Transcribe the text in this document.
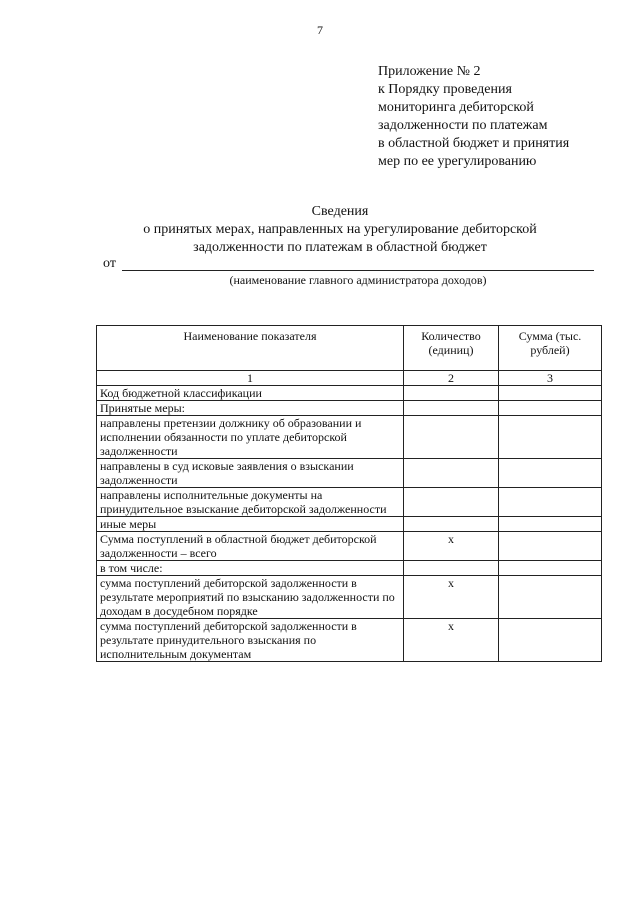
7
Приложение № 2
к Порядку проведения
мониторинга дебиторской
задолженности по платежам
в областной бюджет и принятия
мер по ее урегулированию
Сведения
о принятых мерах, направленных на урегулирование дебиторской
задолженности по платежам в областной бюджет
от
(наименование главного администратора доходов)
Наименование показателя	Количество (единиц)	Сумма (тыс. рублей)
1	2	3
Код бюджетной классификации		
Принятые меры:		
направлены претензии должнику об образовании и исполнении обязанности по уплате дебиторской задолженности		
направлены в суд исковые заявления о взыскании задолженности		
направлены исполнительные документы на принудительное взыскание дебиторской задолженности		
иные меры		
Сумма поступлений в областной бюджет дебиторской задолженности – всего	х	
в том числе:		
сумма поступлений дебиторской задолженности в результате мероприятий по взысканию задолженности по доходам в досудебном порядке	х	
сумма поступлений дебиторской задолженности в результате принудительного взыскания по исполнительным документам	х	
